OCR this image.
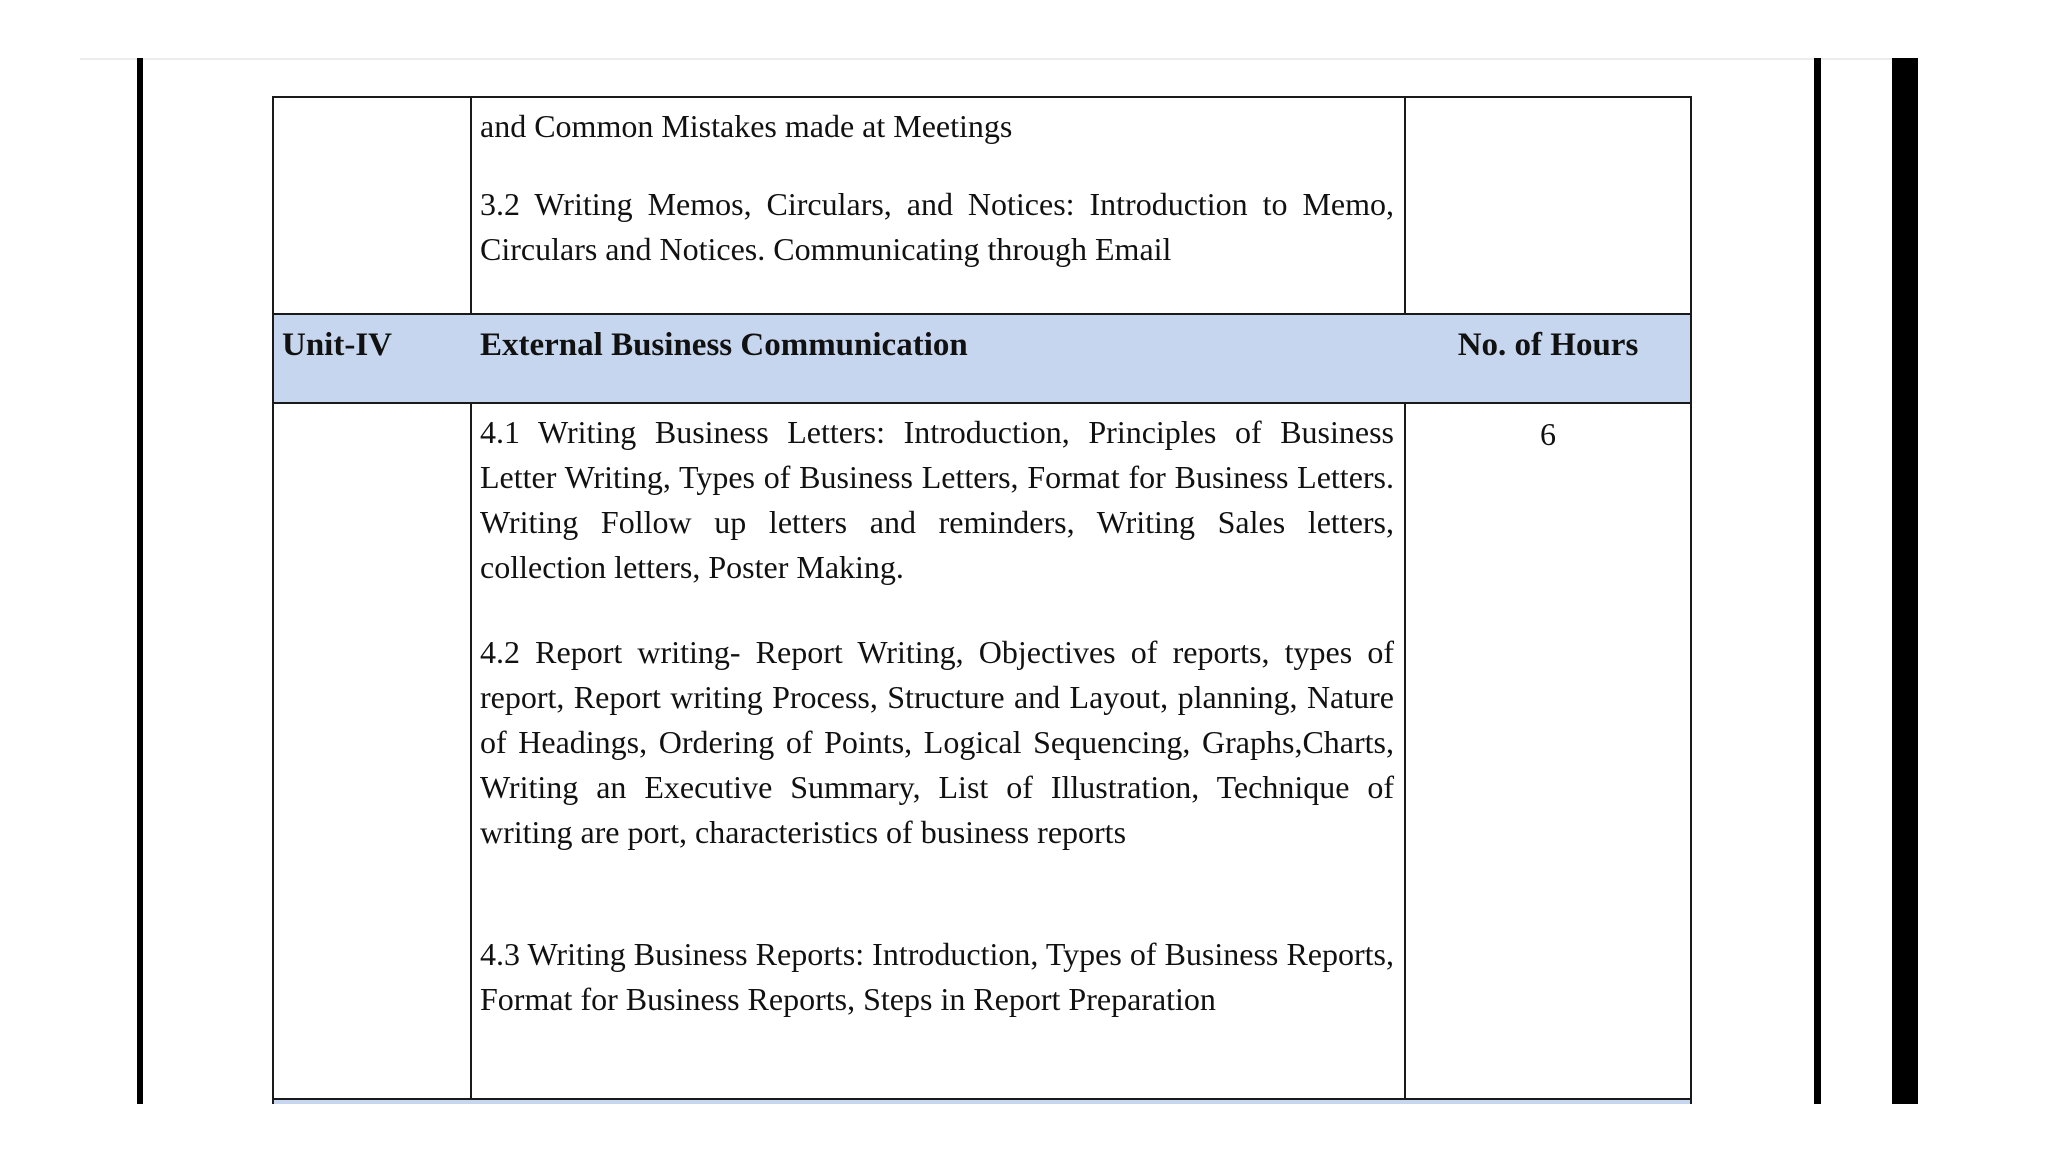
and Common Mistakes made at Meetings
3.2 Writing Memos, Circulars, and Notices: Introduction to Memo, Circulars and Notices. Communicating through Email
Unit-IV	External Business Communication	No. of Hours
4.1 Writing Business Letters: Introduction, Principles of Business Letter Writing, Types of Business Letters, Format for Business Letters. Writing Follow up letters and reminders, Writing Sales letters, collection letters, Poster Making.
4.2 Report writing- Report Writing, Objectives of reports, types of report, Report writing Process, Structure and Layout, planning, Nature of Headings, Ordering of Points, Logical Sequencing, Graphs,Charts, Writing an Executive Summary, List of Illustration, Technique of writing are port, characteristics of business reports
4.3 Writing Business Reports: Introduction, Types of Business Reports, Format for Business Reports, Steps in Report Preparation
6
